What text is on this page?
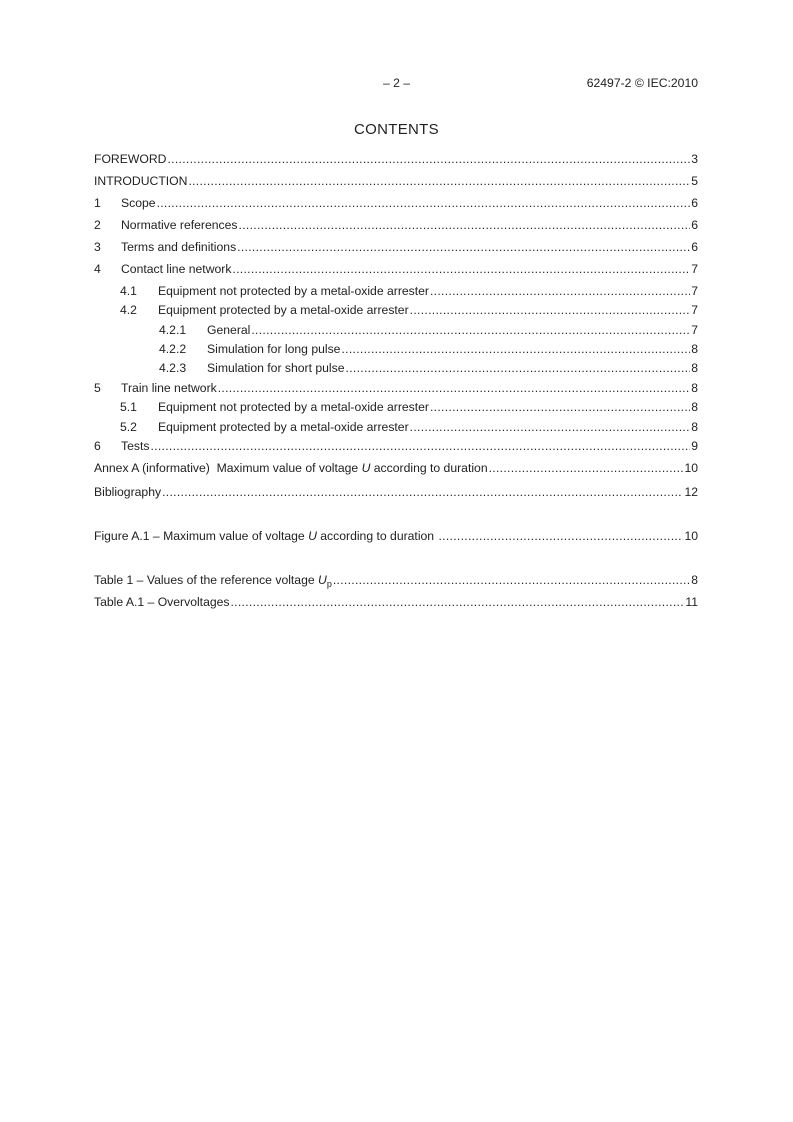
– 2 –	62497-2 © IEC:2010
CONTENTS
FOREWORD .....	3
INTRODUCTION .....	5
1	Scope .....	6
2	Normative references .....	6
3	Terms and definitions .....	6
4	Contact line network .....	7
4.1	Equipment not protected by a metal-oxide arrester .....	7
4.2	Equipment protected by a metal-oxide arrester .....	7
4.2.1	General .....	7
4.2.2	Simulation for long pulse .....	8
4.2.3	Simulation for short pulse .....	8
5	Train line network .....	8
5.1	Equipment not protected by a metal-oxide arrester .....	8
5.2	Equipment protected by a metal-oxide arrester .....	8
6	Tests .....	9
Annex A (informative)  Maximum value of voltage U according to duration .....	10
Bibliography .....	12
Figure A.1 – Maximum value of voltage U according to duration .....	10
Table 1 – Values of the reference voltage $U_p$ .....	8
Table A.1 – Overvoltages .....	11
